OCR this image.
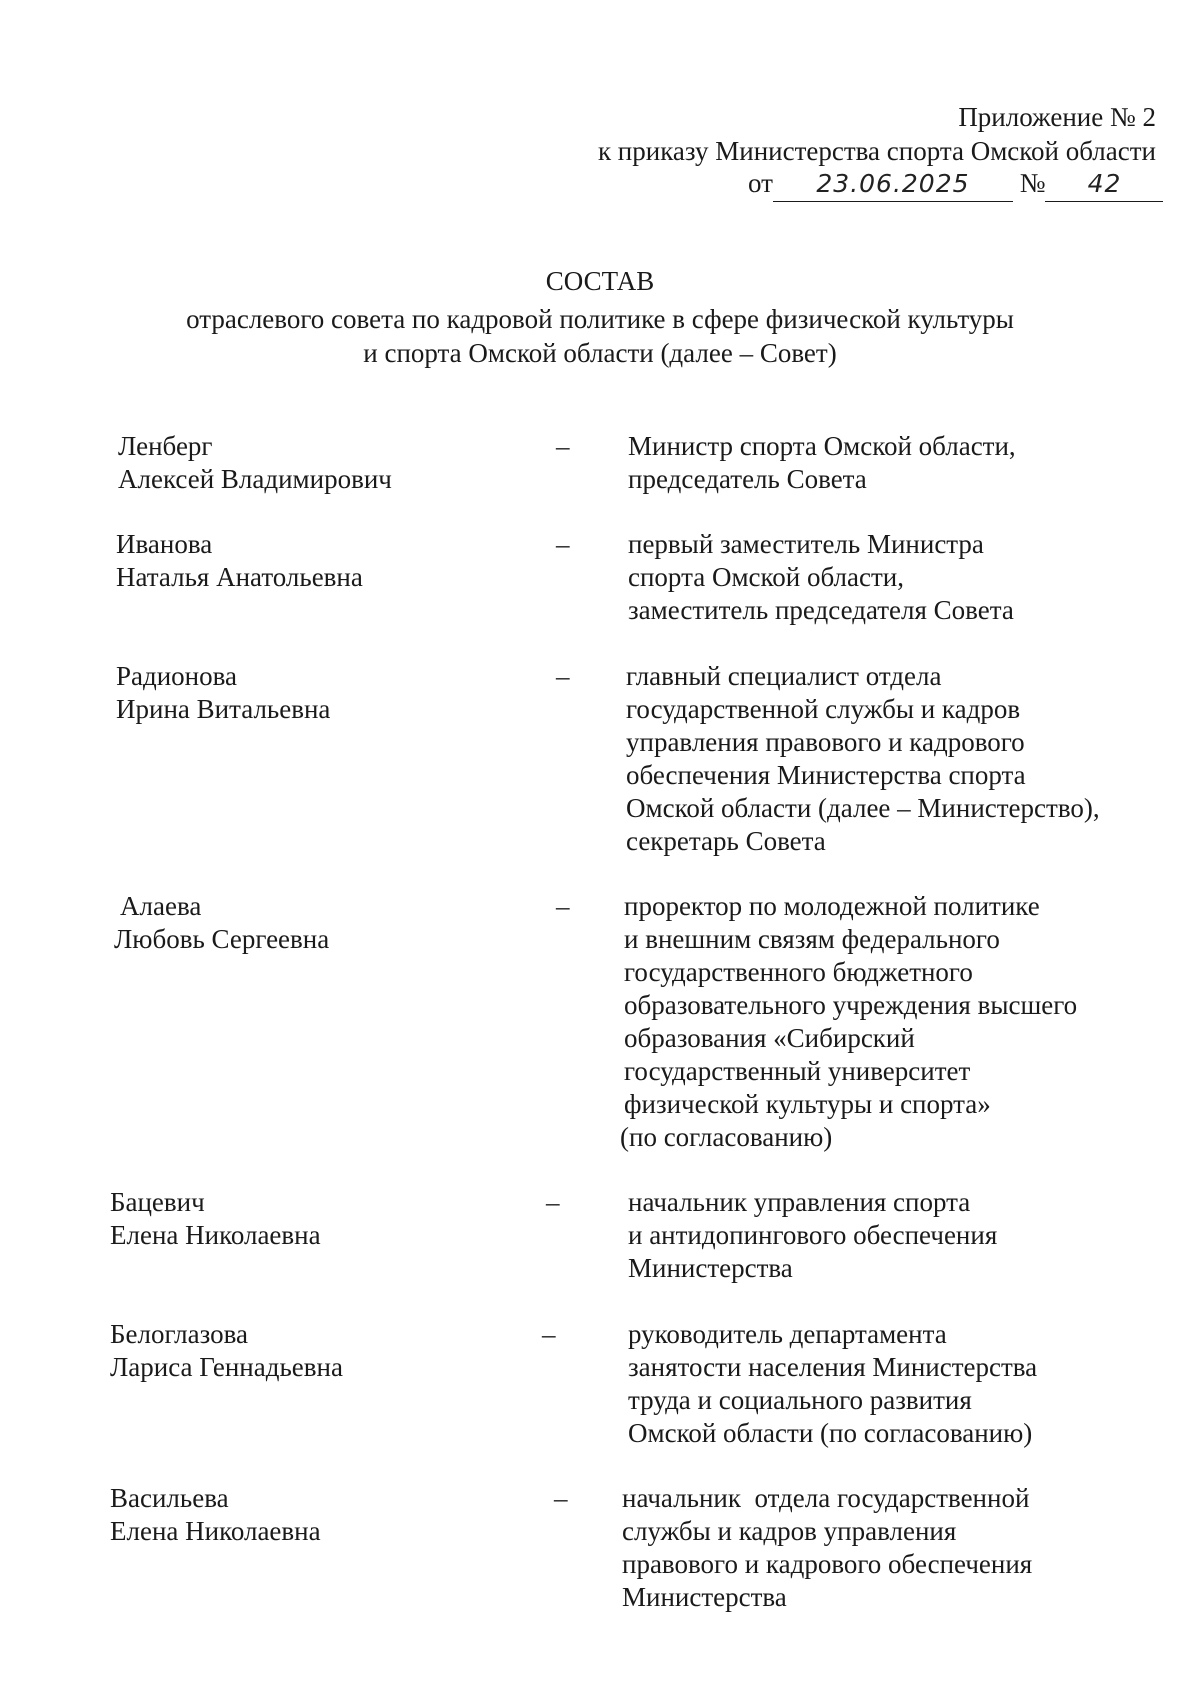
Приложение № 2
к приказу Министерства спорта Омской области
от 23.06.2025 № 42
СОСТАВ
отраслевого совета по кадровой политике в сфере физической культуры
и спорта Омской области (далее – Совет)
Ленберг
Алексей Владимирович
– Министр спорта Омской области,
председатель Совета
Иванова
Наталья Анатольевна
– первый заместитель Министра
спорта Омской области,
заместитель председателя Совета
Радионова
Ирина Витальевна
– главный специалист отдела
государственной службы и кадров
управления правового и кадрового
обеспечения Министерства спорта
Омской области (далее – Министерство),
секретарь Совета
Алаева
Любовь Сергеевна
– проректор по молодежной политике
и внешним связям федерального
государственного бюджетного
образовательного учреждения высшего
образования «Сибирский
государственный университет
физической культуры и спорта»
(по согласованию)
Бацевич
Елена Николаевна
–	начальник управления спорта
и антидопингового обеспечения
Министерства
Белоглазова
Лариса Геннадьевна
–	руководитель департамента
занятости населения Министерства
труда и социального развития
Омской области (по согласованию)
Васильева
Елена Николаевна
– начальник  отдела государственной
службы и кадров управления
правового и кадрового обеспечения
Министерства
